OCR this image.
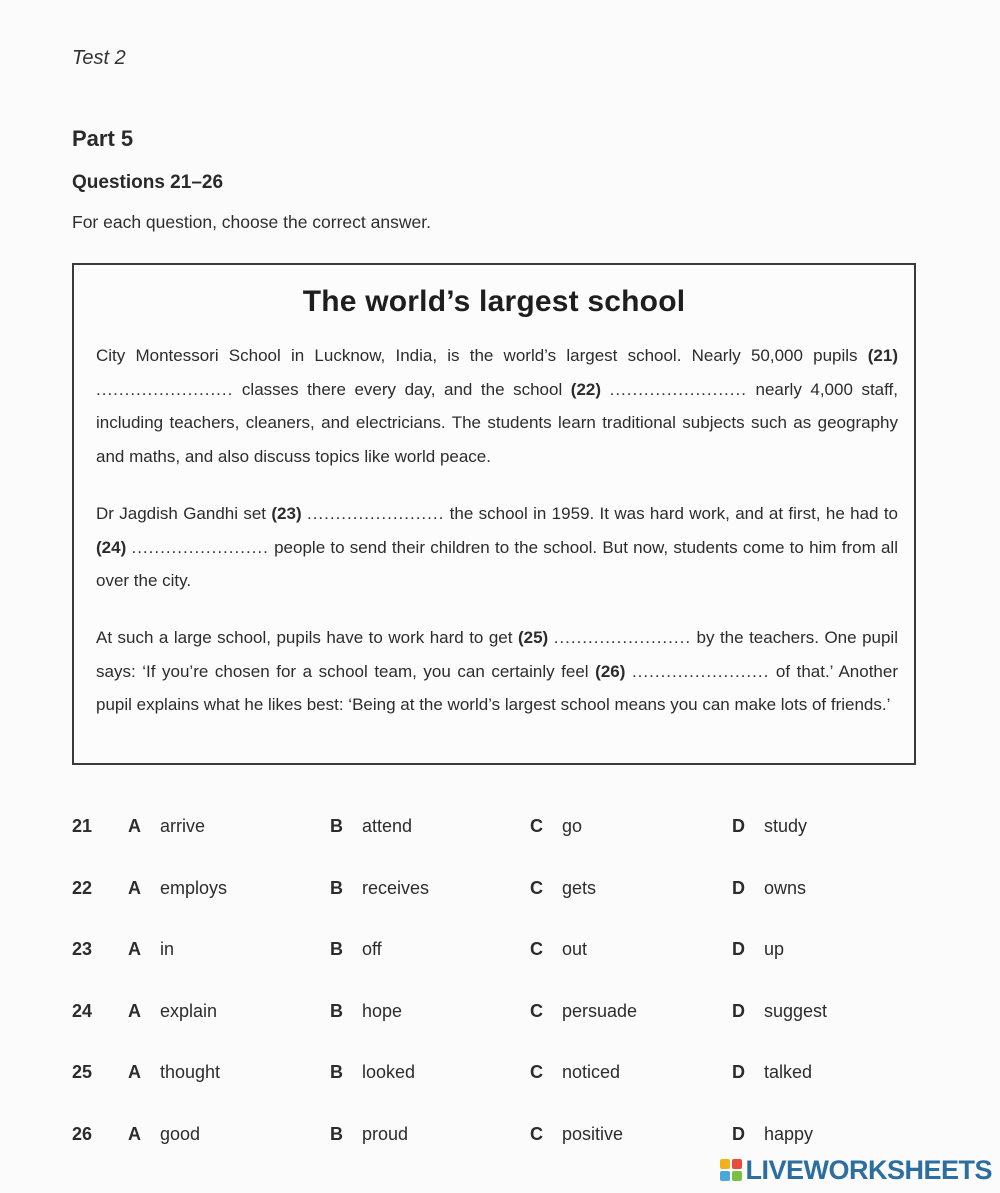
Test 2
Part 5
Questions 21–26
For each question, choose the correct answer.
The world’s largest school

City Montessori School in Lucknow, India, is the world’s largest school. Nearly 50,000 pupils (21) ........................ classes there every day, and the school (22) ........................ nearly 4,000 staff, including teachers, cleaners, and electricians. The students learn traditional subjects such as geography and maths, and also discuss topics like world peace.

Dr Jagdish Gandhi set (23) ........................ the school in 1959. It was hard work, and at first, he had to (24) ........................ people to send their children to the school. But now, students come to him from all over the city.

At such a large school, pupils have to work hard to get (25) ........................ by the teachers. One pupil says: ‘If you’re chosen for a school team, you can certainly feel (26) ........................ of that.’ Another pupil explains what he likes best: ‘Being at the world’s largest school means you can make lots of friends.’

21 A arrive	B attend	C go	D study
22 A employs	B receives	C gets	D owns
23 A in	B off	C out	D up
24 A explain	B hope	C persuade	D suggest
25 A thought	B looked	C noticed	D talked
26 A good	B proud	C positive	D happy
LIVEWORKSHEETS
